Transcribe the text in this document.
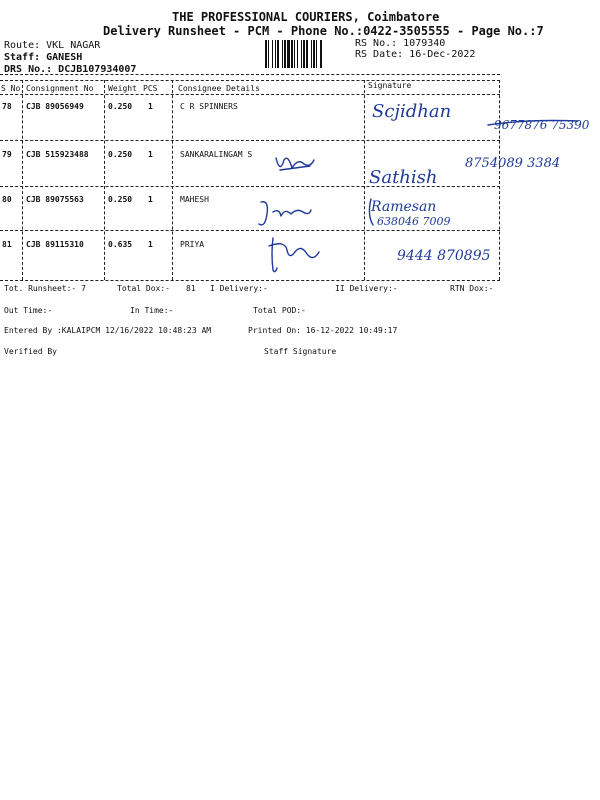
THE PROFESSIONAL COURIERS, Coimbatore
Delivery Runsheet - PCM - Phone No.:0422-3505555 - Page No.:7
Route: VKL NAGAR
Staff: GANESH
DRS No.: DCJB107934007
RS No.: 1079340
RS Date: 16-Dec-2022
S No Consignment No Weight PCS	Consignee Details	Signature
78 CJB 89056949	0.250 1	C R SPINNERS	Scjidhan
9677876 75390
79 CJB 515923488 0.250 1	SANKARALINGAM S
Sathish
8754089 3384
80 CJB 89075563	0.250 1	MAHESH	Ramesan
638046 7009
81 CJB 89115310	0.635 1	PRIYA
9444 870895
Tot. Runsheet:- 7	Total Dox:- 81 I Delivery:-	II Delivery:-	RTN Dox:-
Out Time:-	In Time:-	Total POD:-
Entered By :KALAIPCM 12/16/2022 10:48:23 AM	Printed On: 16-12-2022 10:49:17
Verified By	Staff Signature
